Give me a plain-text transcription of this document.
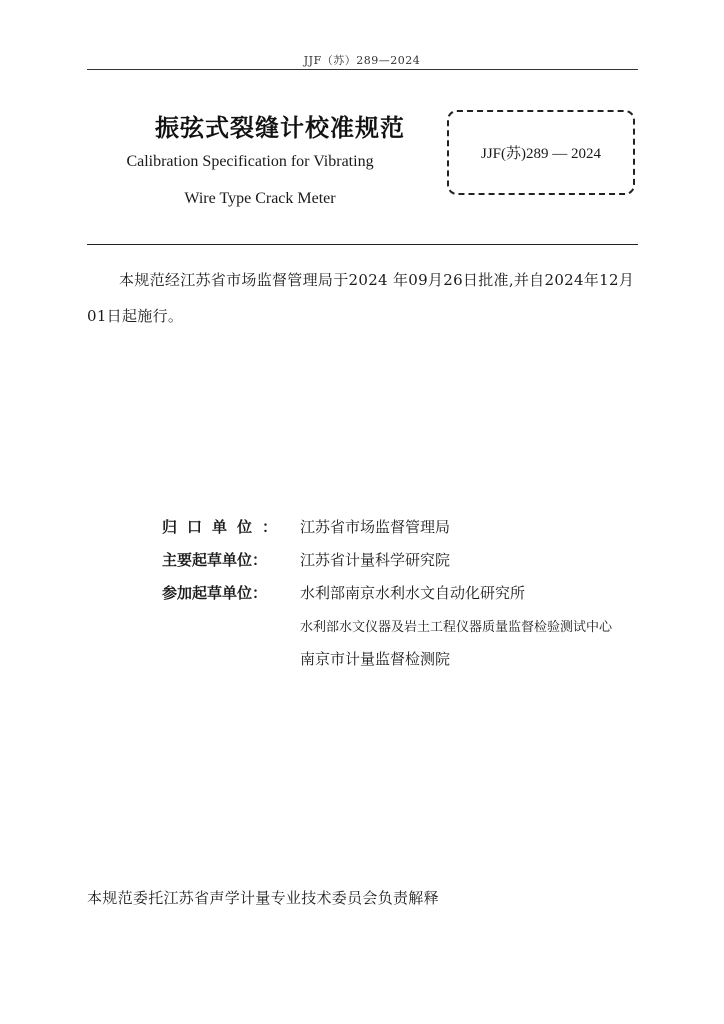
JJF（苏）289—2024
振弦式裂缝计校准规范
Calibration Specification for Vibrating
Wire Type Crack Meter
JJF(苏)289 — 2024
本规范经江苏省市场监督管理局于2024 年09月26日批准,并自2024年12月01日起施行。
归口单位： 江苏省市场监督管理局
主要起草单位：	江苏省计量科学研究院
参加起草单位：	水利部南京水利水文自动化研究所
水利部水文仪器及岩土工程仪器质量监督检验测试中心
南京市计量监督检测院
本规范委托江苏省声学计量专业技术委员会负责解释
